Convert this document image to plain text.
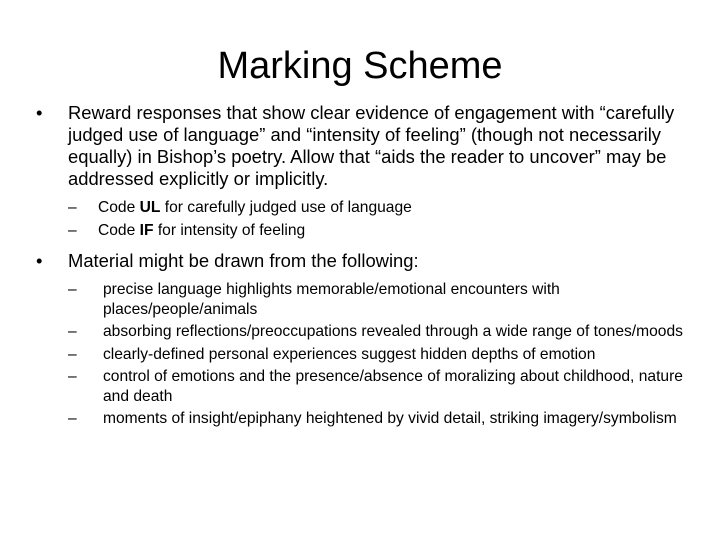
Marking Scheme
•	Reward responses that show clear evidence of engagement with “carefully judged use of language” and “intensity of feeling” (though not necessarily equally) in Bishop’s poetry. Allow that “aids the reader to uncover” may be addressed explicitly or implicitly.
–	Code UL for carefully judged use of language
–	Code IF for intensity of feeling
•	Material might be drawn from the following:
–	precise language highlights memorable/emotional encounters with places/people/animals
–	absorbing reflections/preoccupations revealed through a wide range of tones/moods
–	clearly-defined personal experiences suggest hidden depths of emotion
–	control of emotions and the presence/absence of moralizing about childhood, nature and death
–	moments of insight/epiphany heightened by vivid detail, striking imagery/symbolism
